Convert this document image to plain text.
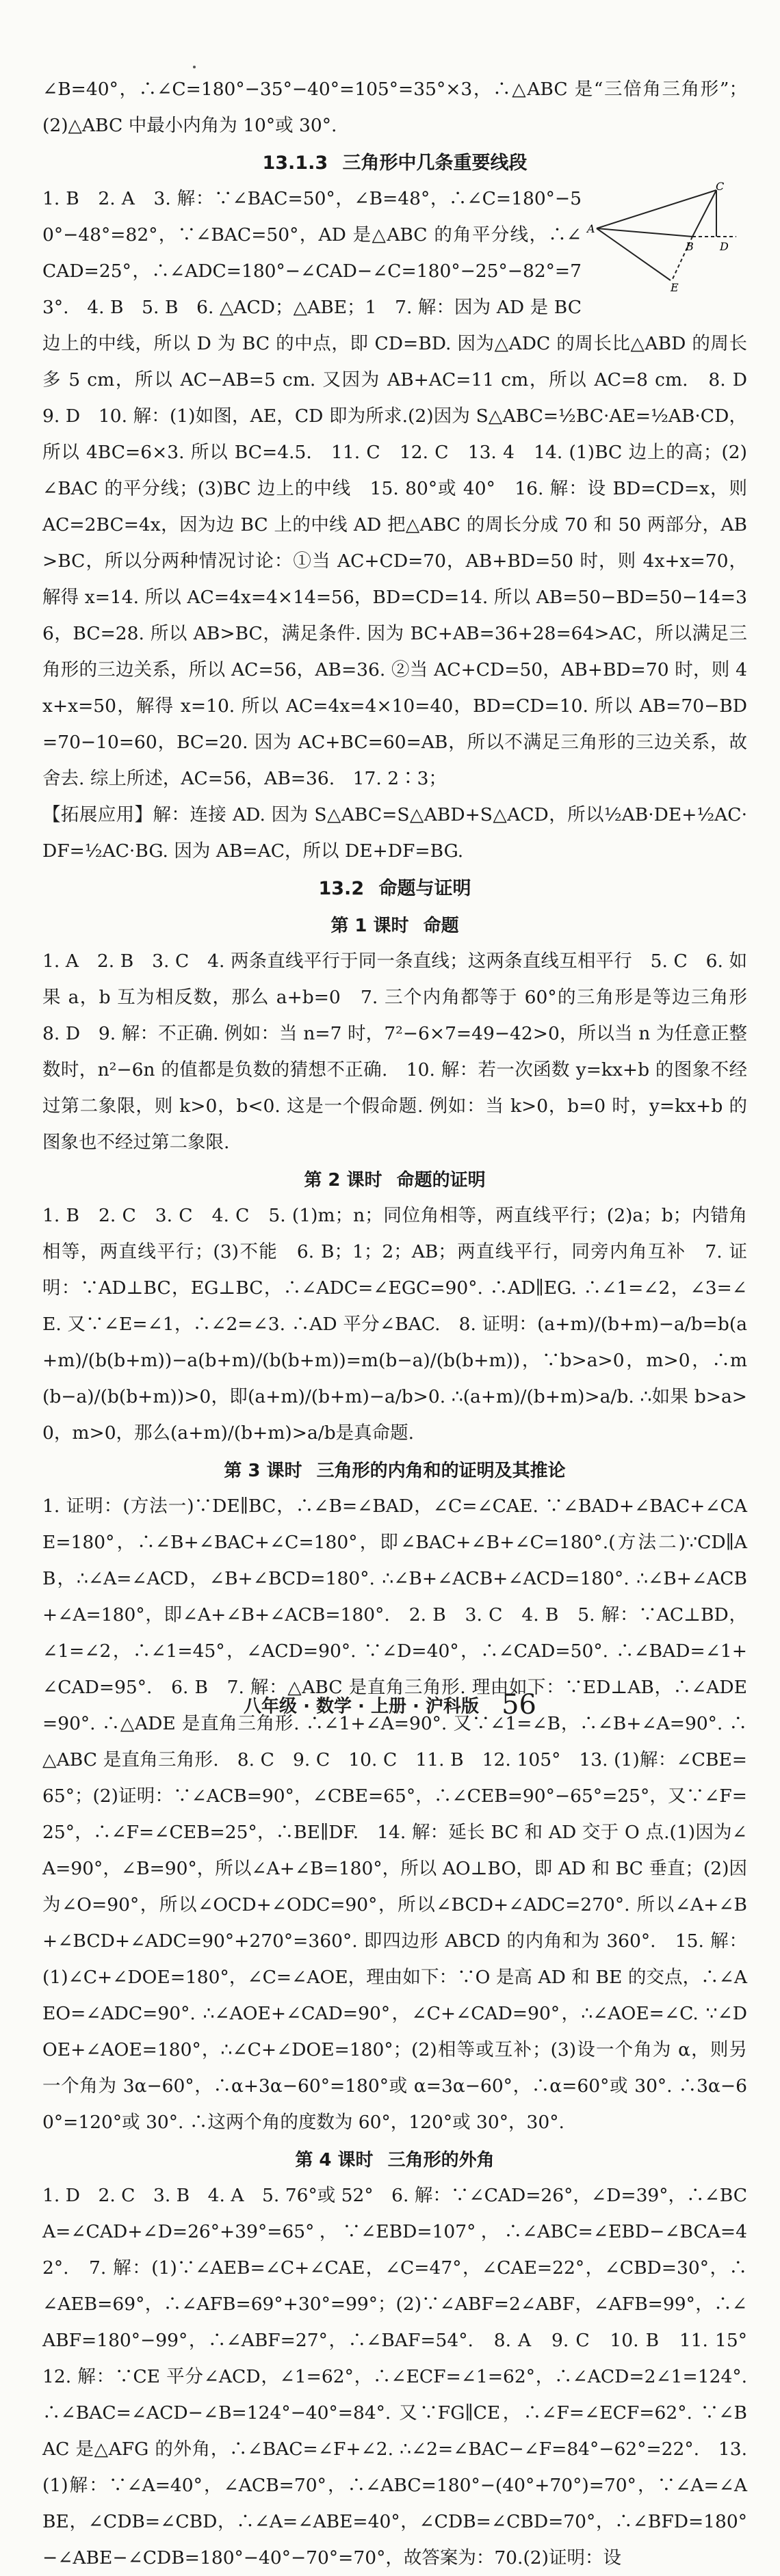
∠B=40°，∴∠C=180°−35°−40°=105°=35°×3，∴△ABC 是“三倍角三角形”；(2)△ABC 中最小内角为 10°或 30°.

13.1.3 三角形中几条重要线段
C
A
B D
E

1. B　2. A　3. 解：∵∠BAC=50°，∠B=48°，∴∠C=180°−50°−48°=82°，∵∠BAC=50°，AD 是△ABC 的角平分线，∴∠CAD=25°，∴∠ADC=180°−∠CAD−∠C=180°−25°−82°=73°.　4. B　5. B　6. △ACD；△ABE；1　7. 解：因为 AD 是 BC 边上的中线，所以 D 为 BC 的中点，即 CD=BD. 因为△ADC 的周长比△ABD 的周长多 5 cm，所以 AC−AB=5 cm. 又因为 AB+AC=11 cm，所以 AC=8 cm.　8. D　9. D　10. 解：(1)如图，AE，CD 即为所求.(2)因为 S△ABC=½BC·AE=½AB·CD，所以 4BC=6×3. 所以 BC=4.5.　11. C　12. C　13. 4　14. (1)BC 边上的高；(2)∠BAC 的平分线；(3)BC 边上的中线　15. 80°或 40°　16. 解：设 BD=CD=x，则 AC=2BC=4x，因为边 BC 上的中线 AD 把△ABC 的周长分成 70 和 50 两部分，AB>BC，所以分两种情况讨论：①当 AC+CD=70，AB+BD=50 时，则 4x+x=70，解得 x=14. 所以 AC=4x=4×14=56，BD=CD=14. 所以 AB=50−BD=50−14=36，BC=28. 所以 AB>BC，满足条件. 因为 BC+AB=36+28=64>AC，所以满足三角形的三边关系，所以 AC=56，AB=36. ②当 AC+CD=50，AB+BD=70 时，则 4x+x=50，解得 x=10. 所以 AC=4x=4×10=40，BD=CD=10. 所以 AB=70−BD=70−10=60，BC=20. 因为 AC+BC=60=AB，所以不满足三角形的三边关系，故舍去. 综上所述，AC=56，AB=36.　17. 2∶3；

【拓展应用】解：连接 AD. 因为 S△ABC=S△ABD+S△ACD，所以½AB·DE+½AC·DF=½AC·BG. 因为 AB=AC，所以 DE+DF=BG.

13.2 命题与证明
第 1 课时 命题

1. A　2. B　3. C　4. 两条直线平行于同一条直线；这两条直线互相平行　5. C　6. 如果 a，b 互为相反数，那么 a+b=0　7. 三个内角都等于 60°的三角形是等边三角形　8. D　9. 解：不正确. 例如：当 n=7 时，7²−6×7=49−42>0，所以当 n 为任意正整数时，n²−6n 的值都是负数的猜想不正确.　10. 解：若一次函数 y=kx+b 的图象不经过第二象限，则 k>0，b<0. 这是一个假命题. 例如：当 k>0，b=0 时，y=kx+b 的图象也不经过第二象限.

第 2 课时 命题的证明

1. B　2. C　3. C　4. C　5. (1)m；n；同位角相等，两直线平行；(2)a；b；内错角相等，两直线平行；(3)不能　6. B；1；2；AB；两直线平行，同旁内角互补　7. 证明：∵AD⊥BC，EG⊥BC，∴∠ADC=∠EGC=90°. ∴AD∥EG. ∴∠1=∠2，∠3=∠E. 又∵∠E=∠1，∴∠2=∠3. ∴AD 平分∠BAC.　8. 证明：(a+m)/(b+m)−a/b=b(a+m)/(b(b+m))−a(b+m)/(b(b+m))=m(b−a)/(b(b+m))，∵b>a>0，m>0，∴m(b−a)/(b(b+m))>0，即(a+m)/(b+m)−a/b>0. ∴(a+m)/(b+m)>a/b. ∴如果 b>a>0，m>0，那么(a+m)/(b+m)>a/b是真命题.

第 3 课时 三角形的内角和的证明及其推论

1. 证明：(方法一)∵DE∥BC，∴∠B=∠BAD，∠C=∠CAE. ∵∠BAD+∠BAC+∠CAE=180°，∴∠B+∠BAC+∠C=180°，即∠BAC+∠B+∠C=180°.(方法二)∵CD∥AB，∴∠A=∠ACD，∠B+∠BCD=180°. ∴∠B+∠ACB+∠ACD=180°. ∴∠B+∠ACB+∠A=180°，即∠A+∠B+∠ACB=180°.　2. B　3. C　4. B　5. 解：∵AC⊥BD，∠1=∠2，∴∠1=45°，∠ACD=90°. ∵∠D=40°，∴∠CAD=50°. ∴∠BAD=∠1+∠CAD=95°.　6. B　7. 解：△ABC 是直角三角形. 理由如下：∵ED⊥AB，∴∠ADE=90°. ∴△ADE 是直角三角形. ∴∠1+∠A=90°. 又∵∠1=∠B，∴∠B+∠A=90°. ∴△ABC 是直角三角形.　8. C　9. C　10. C　11. B　12. 105°　13. (1)解：∠CBE=65°；(2)证明：∵∠ACB=90°，∠CBE=65°，∴∠CEB=90°−65°=25°，又∵∠F=25°，∴∠F=∠CEB=25°，∴BE∥DF.　14. 解：延长 BC 和 AD 交于 O 点.(1)因为∠A=90°，∠B=90°，所以∠A+∠B=180°，所以 AO⊥BO，即 AD 和 BC 垂直；(2)因为∠O=90°，所以∠OCD+∠ODC=90°，所以∠BCD+∠ADC=270°. 所以∠A+∠B+∠BCD+∠ADC=90°+270°=360°. 即四边形 ABCD 的内角和为 360°.　15. 解：(1)∠C+∠DOE=180°，∠C=∠AOE，理由如下：∵O 是高 AD 和 BE 的交点，∴∠AEO=∠ADC=90°. ∴∠AOE+∠CAD=90°，∠C+∠CAD=90°，∴∠AOE=∠C. ∵∠DOE+∠AOE=180°，∴∠C+∠DOE=180°；(2)相等或互补；(3)设一个角为 α，则另一个角为 3α−60°，∴α+3α−60°=180°或 α=3α−60°，∴α=60°或 30°. ∴3α−60°=120°或 30°. ∴这两个角的度数为 60°，120°或 30°，30°.

第 4 课时 三角形的外角

1. D　2. C　3. B　4. A　5. 76°或 52°　6. 解：∵∠CAD=26°，∠D=39°，∴∠BCA=∠CAD+∠D=26°+39°=65°，∵∠EBD=107°，∴∠ABC=∠EBD−∠BCA=42°.　7. 解：(1)∵∠AEB=∠C+∠CAE，∠C=47°，∠CAE=22°，∠CBD=30°，∴∠AEB=69°，∴∠AFB=69°+30°=99°；(2)∵∠ABF=2∠ABF，∠AFB=99°，∴∠ABF=180°−99°，∴∠ABF=27°，∴∠BAF=54°.　8. A　9. C　10. B　11. 15°　12. 解：∵CE 平分∠ACD，∠1=62°，∴∠ECF=∠1=62°，∴∠ACD=2∠1=124°. ∴∠BAC=∠ACD−∠B=124°−40°=84°. 又∵FG∥CE，∴∠F=∠ECF=62°. ∵∠BAC 是△AFG 的外角，∴∠BAC=∠F+∠2. ∴∠2=∠BAC−∠F=84°−62°=22°.　13. (1)解：∵∠A=40°，∠ACB=70°，∴∠ABC=180°−(40°+70°)=70°，∵∠A=∠ABE，∠CDB=∠CBD，∴∠A=∠ABE=40°，∠CDB=∠CBD=70°，∴∠BFD=180°−∠ABE−∠CDB=180°−40°−70°=70°，故答案为：70.(2)证明：设

八年级 · 数学 · 上册 · 沪科版 56
